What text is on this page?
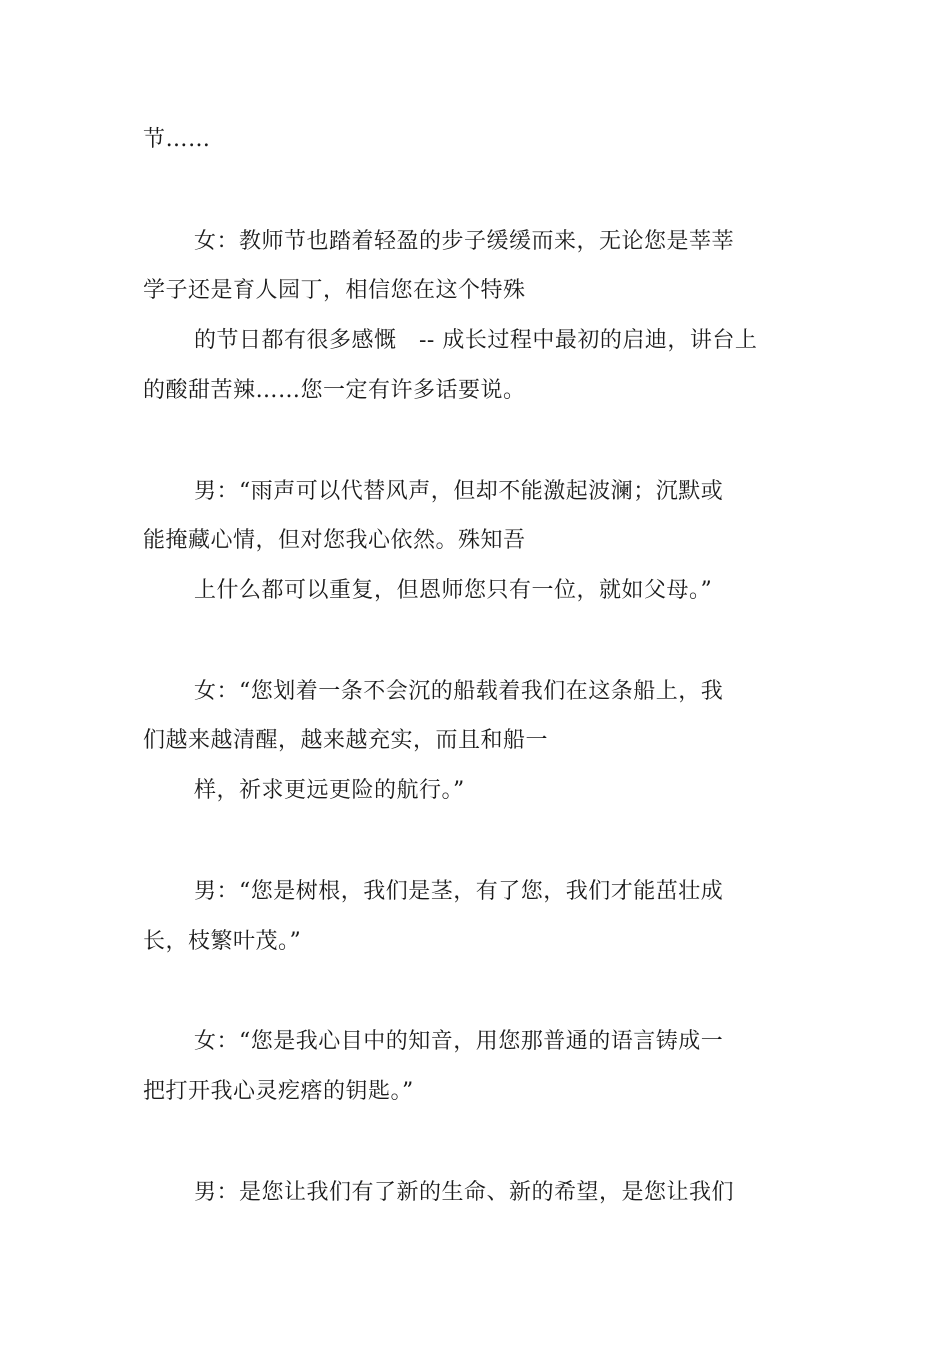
节……

女：教师节也踏着轻盈的步子缓缓而来，无论您是莘莘

学子还是育人园丁，相信您在这个特殊

的节日都有很多感慨　-- 成长过程中最初的启迪，讲台上

的酸甜苦辣……您一定有许多话要说。

男：“雨声可以代替风声，但却不能激起波澜；沉默或

能掩藏心情，但对您我心依然。殊知吾

上什么都可以重复，但恩师您只有一位，就如父母。”

女：“您划着一条不会沉的船载着我们在这条船上，我

们越来越清醒，越来越充实，而且和船一

样，祈求更远更险的航行。”

男：“您是树根，我们是茎，有了您，我们才能茁壮成

长，枝繁叶茂。”

女：“您是我心目中的知音，用您那普通的语言铸成一

把打开我心灵疙瘩的钥匙。”

男：是您让我们有了新的生命、新的希望，是您让我们
